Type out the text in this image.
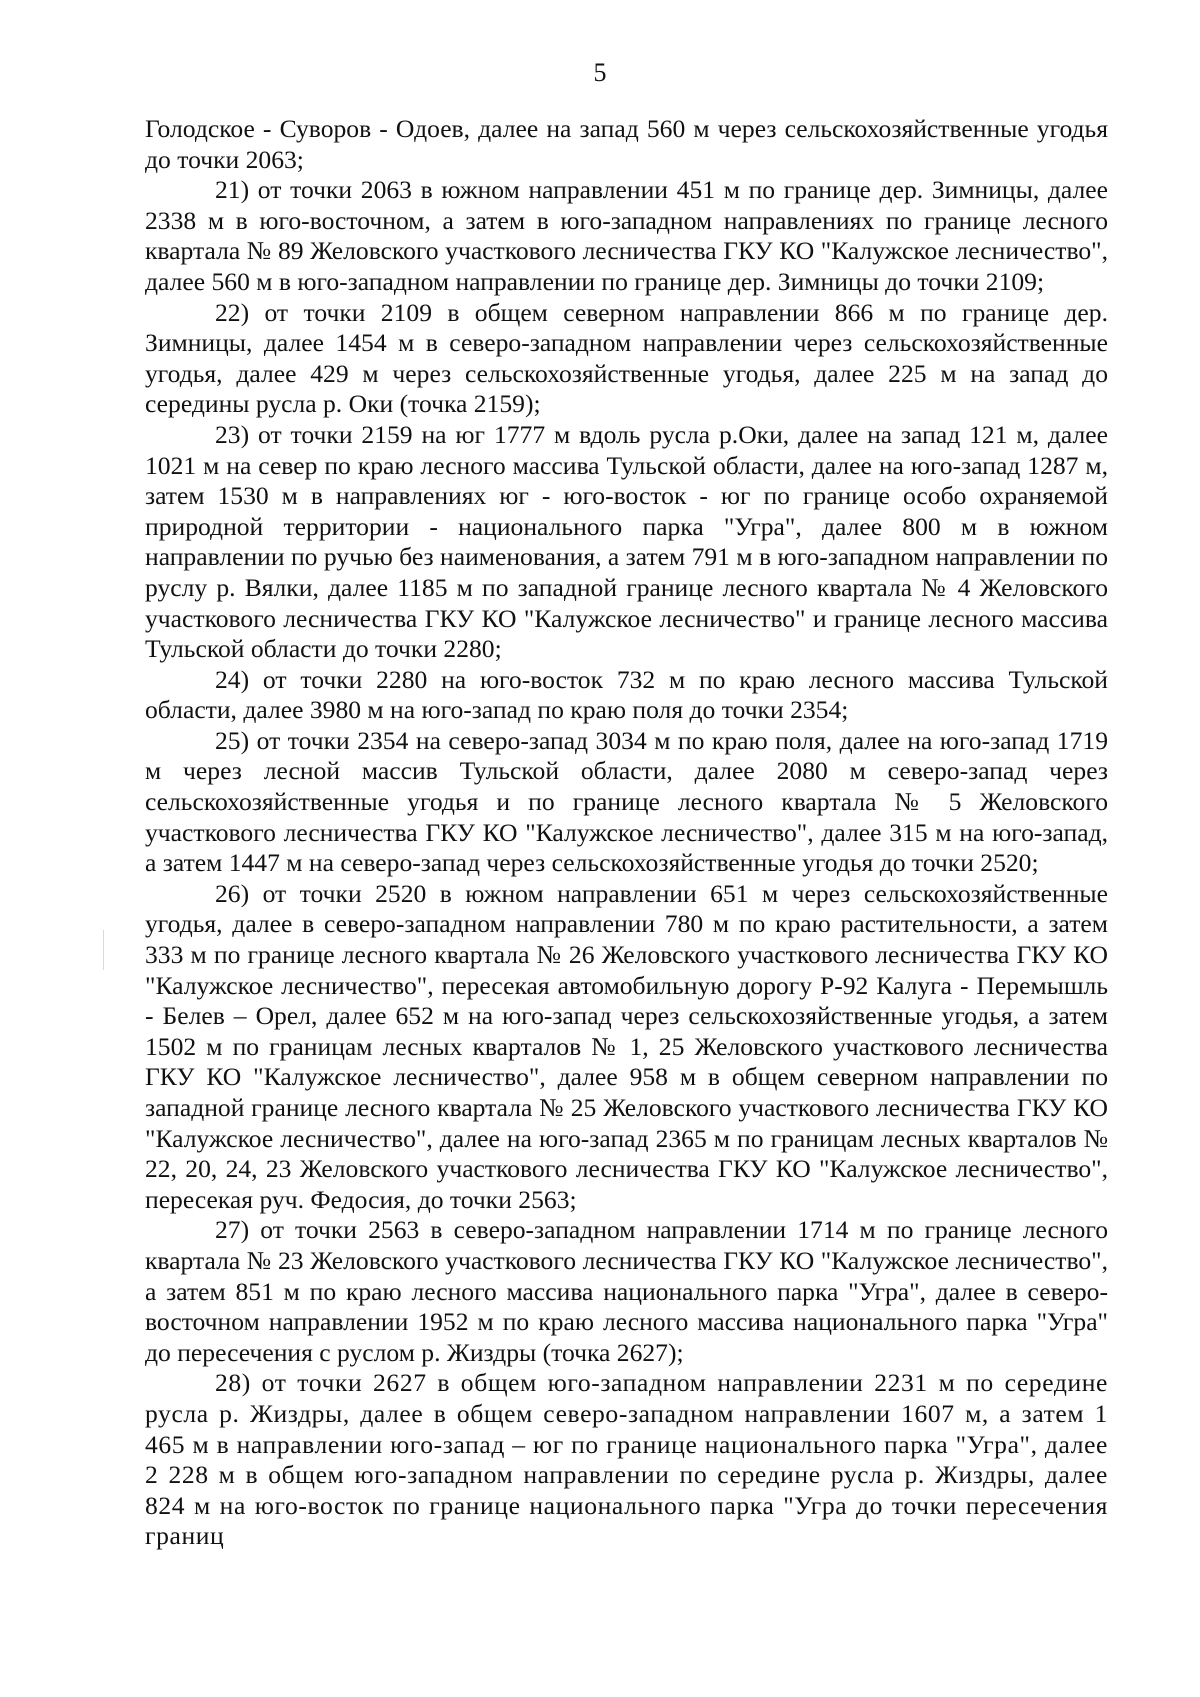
5

Голодское - Суворов - Одоев, далее на запад 560 м через сельскохозяйственные угодья до точки 2063;

21) от точки 2063 в южном направлении 451 м по границе дер. Зимницы, далее 2338 м в юго-восточном, а затем в юго-западном направлениях по границе лесного квартала № 89 Желовского участкового лесничества ГКУ КО "Калужское лесничество", далее 560 м в юго-западном направлении по границе дер. Зимницы до точки 2109;

22) от точки 2109 в общем северном направлении 866 м по границе дер. Зимницы, далее 1454 м в северо-западном направлении через сельскохозяйственные угодья, далее 429 м через сельскохозяйственные угодья, далее 225 м на запад до середины русла р. Оки (точка 2159);

23) от точки 2159 на юг 1777 м вдоль русла р.Оки, далее на запад 121 м, далее 1021 м на север по краю лесного массива Тульской области, далее на юго-запад 1287 м, затем 1530 м в направлениях юг - юго-восток - юг по границе особо охраняемой природной территории - национального парка "Угра", далее 800 м в южном направлении по ручью без наименования, а затем 791 м в юго-западном направлении по руслу р. Вялки, далее 1185 м по западной границе лесного квартала № 4 Желовского участкового лесничества ГКУ КО "Калужское лесничество" и границе лесного массива Тульской области до точки 2280;

24) от точки 2280 на юго-восток 732 м по краю лесного массива Тульской области, далее 3980 м на юго-запад по краю поля до точки 2354;

25) от точки 2354 на северо-запад 3034 м по краю поля, далее на юго-запад 1719 м через лесной массив Тульской области, далее 2080 м северо-запад через сельскохозяйственные угодья и по границе лесного квартала № 5 Желовского участкового лесничества ГКУ КО "Калужское лесничество", далее 315 м на юго-запад, а затем 1447 м на северо-запад через сельскохозяйственные угодья до точки 2520;

26) от точки 2520 в южном направлении 651 м через сельскохозяйственные угодья, далее в северо-западном направлении 780 м по краю растительности, а затем 333 м по границе лесного квартала № 26 Желовского участкового лесничества ГКУ КО "Калужское лесничество", пересекая автомобильную дорогу Р-92 Калуга - Перемышль - Белев – Орел, далее 652 м на юго-запад через сельскохозяйственные угодья, а затем 1502 м по границам лесных кварталов № 1, 25 Желовского участкового лесничества ГКУ КО "Калужское лесничество", далее 958 м в общем северном направлении по западной границе лесного квартала № 25 Желовского участкового лесничества ГКУ КО "Калужское лесничество", далее на юго-запад 2365 м по границам лесных кварталов № 22, 20, 24, 23 Желовского участкового лесничества ГКУ КО "Калужское лесничество", пересекая руч. Федосия, до точки 2563;

27) от точки 2563 в северо-западном направлении 1714 м по границе лесного квартала № 23 Желовского участкового лесничества ГКУ КО "Калужское лесничество", а затем 851 м по краю лесного массива национального парка "Угра", далее в северо-восточном направлении 1952 м по краю лесного массива национального парка "Угра" до пересечения с руслом р. Жиздры (точка 2627);

28) от точки 2627 в общем юго-западном направлении 2231 м по середине русла р. Жиздры, далее в общем северо-западном направлении 1607 м, а затем 1 465 м в направлении юго-запад – юг по границе национального парка "Угра", далее 2 228 м в общем юго-западном направлении по середине русла р. Жиздры, далее 824 м на юго-восток по границе национального парка "Угра до точки пересечения границ
